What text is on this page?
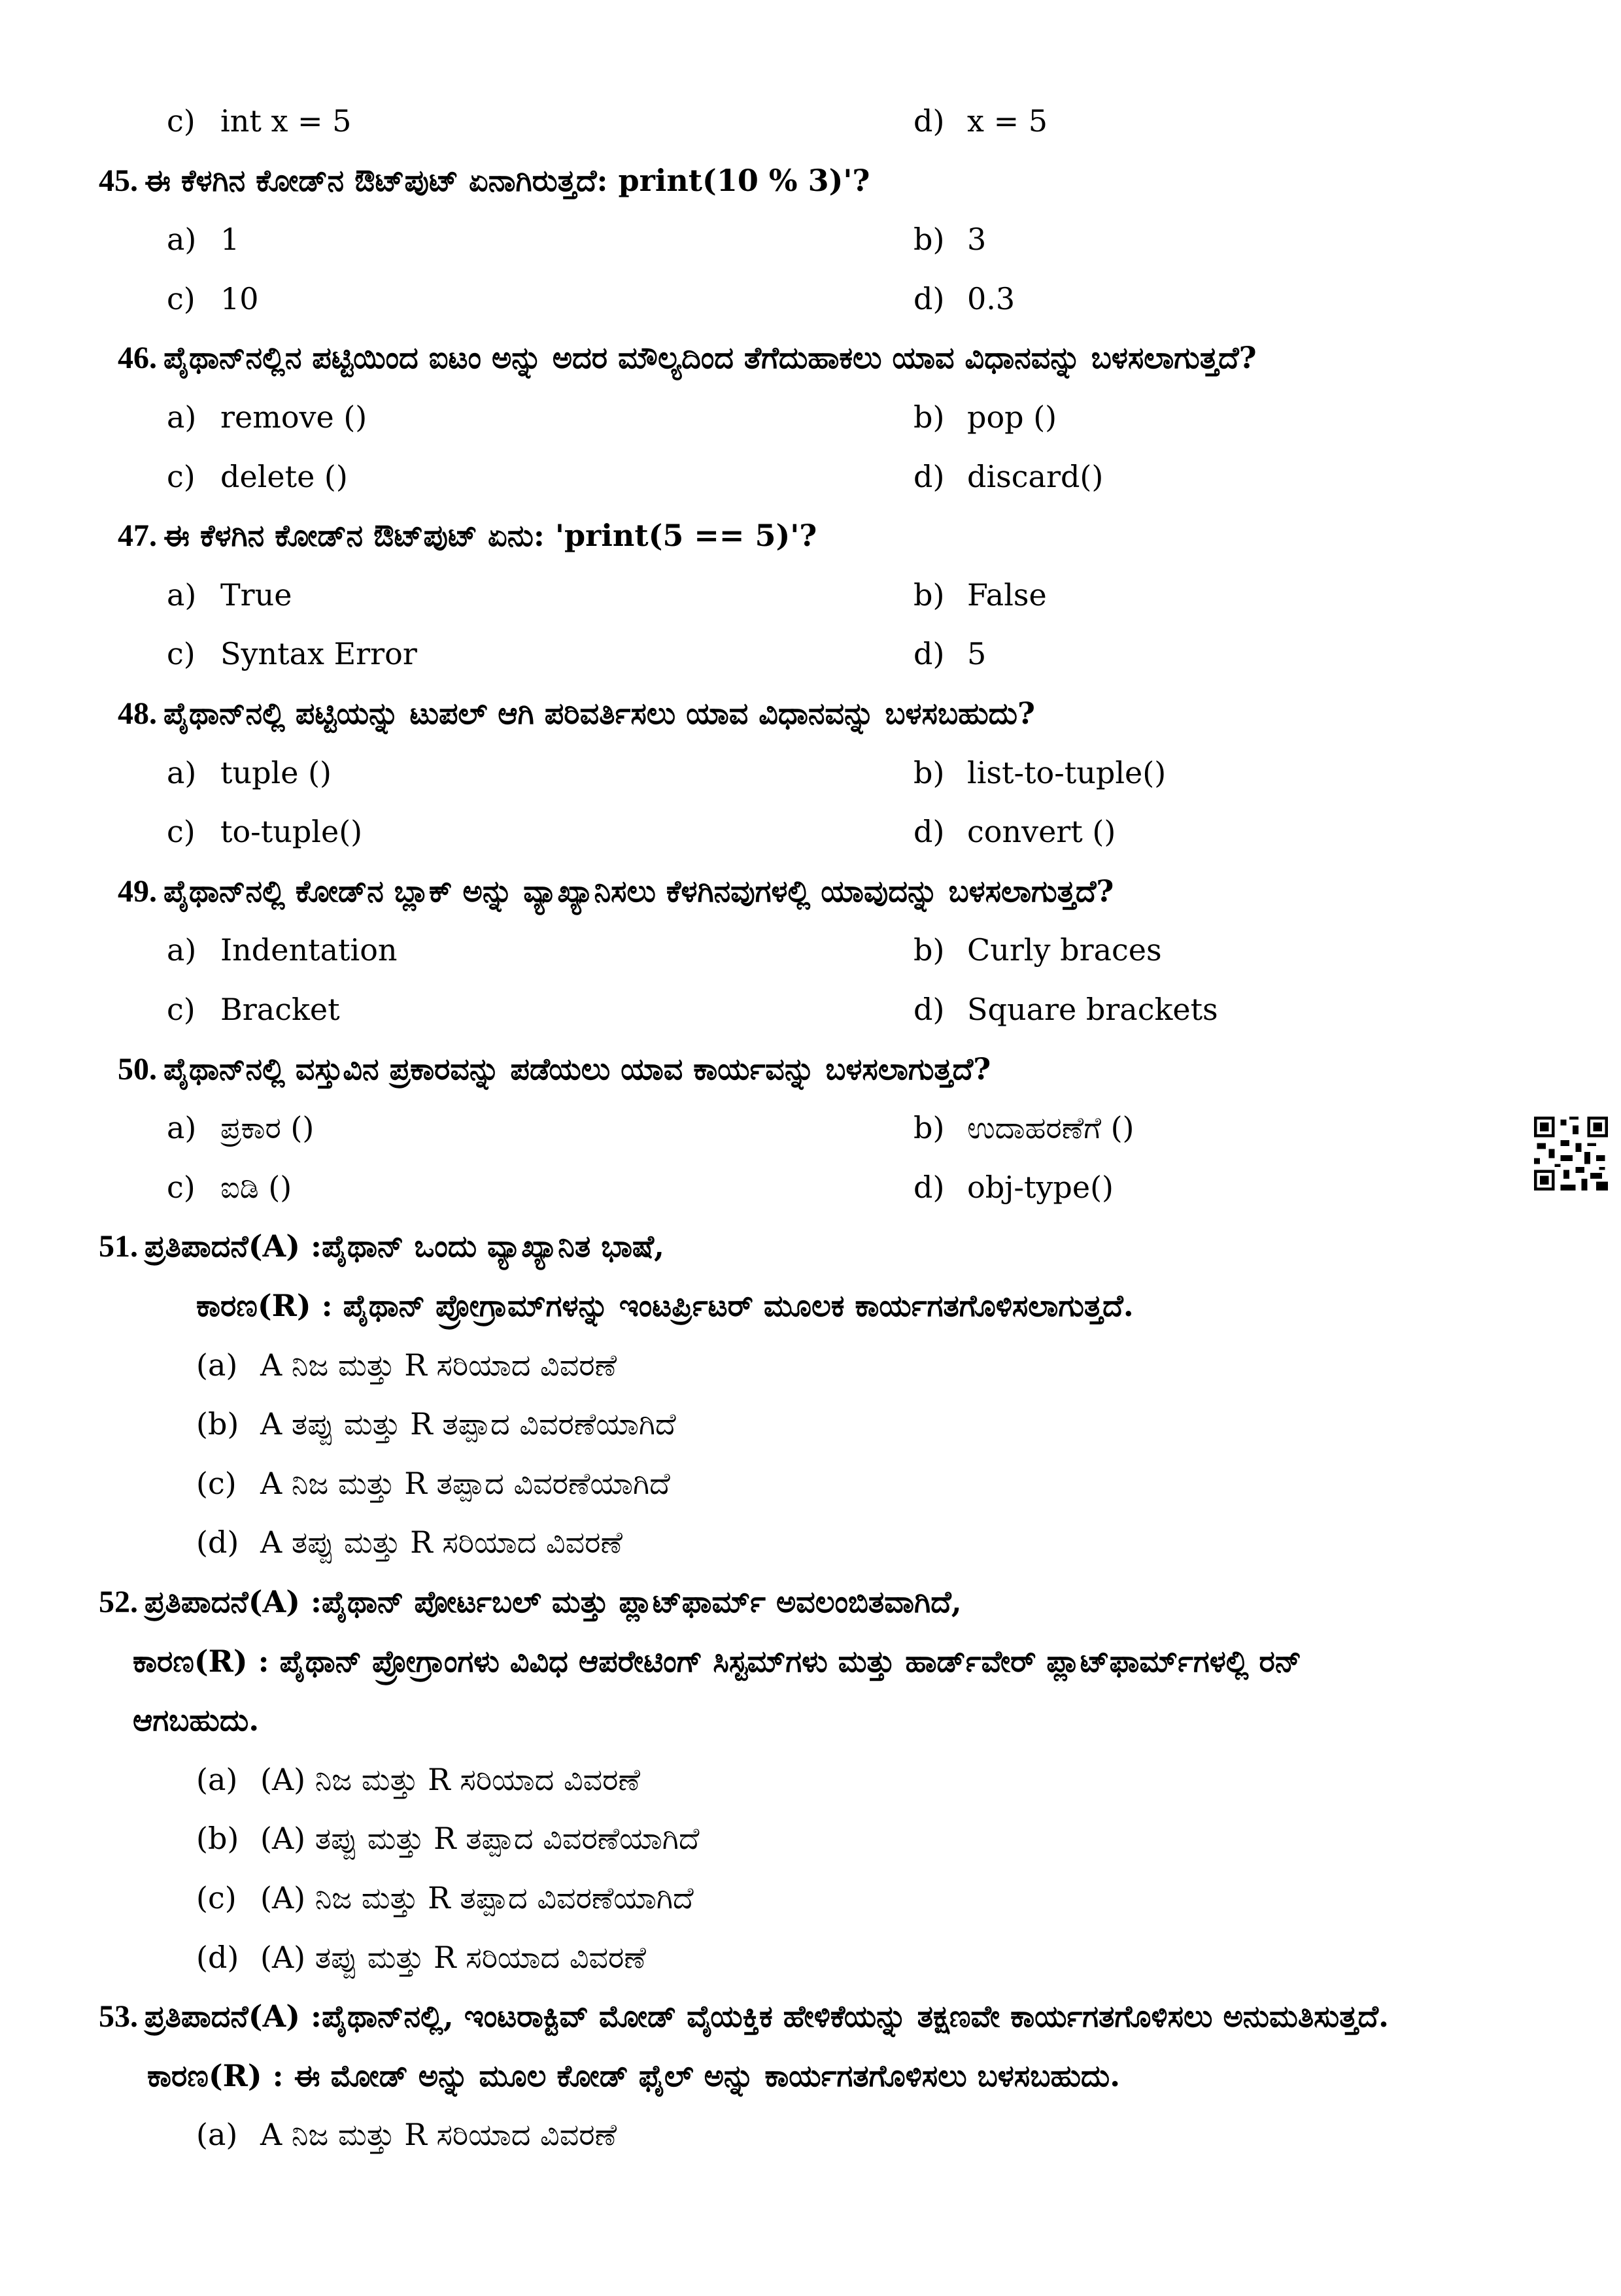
c) int x = 5	d) x = 5
45. ಈ ಕೆಳಗಿನ ಕೋಡ್‌ನ ಔಟ್‌ಪುಟ್ ಏನಾಗಿರುತ್ತದೆ: print(10 % 3)'?
a) 1	b) 3
c) 10	d) 0.3
46. ಪೈಥಾನ್‌ನಲ್ಲಿನ ಪಟ್ಟಿಯಿಂದ ಐಟಂ ಅನ್ನು ಅದರ ಮೌಲ್ಯದಿಂದ ತೆಗೆದುಹಾಕಲು ಯಾವ ವಿಧಾನವನ್ನು ಬಳಸಲಾಗುತ್ತದೆ?
a) remove ()	b) pop ()
c) delete ()	d) discard()
47. ಈ ಕೆಳಗಿನ ಕೋಡ್‌ನ ಔಟ್‌ಪುಟ್ ಏನು: 'print(5 == 5)'?
a) True	b) False
c) Syntax Error	d) 5
48. ಪೈಥಾನ್‌ನಲ್ಲಿ ಪಟ್ಟಿಯನ್ನು ಟುಪಲ್ ಆಗಿ ಪರಿವರ್ತಿಸಲು ಯಾವ ವಿಧಾನವನ್ನು ಬಳಸಬಹುದು?
a) tuple ()	b) list-to-tuple()
c) to-tuple()	d) convert ()
49. ಪೈಥಾನ್‌ನಲ್ಲಿ ಕೋಡ್‌ನ ಬ್ಲಾಕ್ ಅನ್ನು ವ್ಯಾಖ್ಯಾನಿಸಲು ಕೆಳಗಿನವುಗಳಲ್ಲಿ ಯಾವುದನ್ನು ಬಳಸಲಾಗುತ್ತದೆ?
a) Indentation	b) Curly braces
c) Bracket	d) Square brackets
50. ಪೈಥಾನ್‌ನಲ್ಲಿ ವಸ್ತುವಿನ ಪ್ರಕಾರವನ್ನು ಪಡೆಯಲು ಯಾವ ಕಾರ್ಯವನ್ನು ಬಳಸಲಾಗುತ್ತದೆ?
a) ಪ್ರಕಾರ ()	b) ಉದಾಹರಣೆಗೆ ()
c) ಐಡಿ ()	d) obj-type()
51. ಪ್ರತಿಪಾದನೆ(A) :ಪೈಥಾನ್ ಒಂದು ವ್ಯಾಖ್ಯಾನಿತ ಭಾಷೆ,
ಕಾರಣ(R) : ಪೈಥಾನ್ ಪ್ರೋಗ್ರಾಮ್‌ಗಳನ್ನು ಇಂಟರ್ಪ್ರಿಟರ್ ಮೂಲಕ ಕಾರ್ಯಗತಗೊಳಿಸಲಾಗುತ್ತದೆ.
(a) A ನಿಜ ಮತ್ತು R ಸರಿಯಾದ ವಿವರಣೆ
(b) A ತಪ್ಪು ಮತ್ತು R ತಪ್ಪಾದ ವಿವರಣೆಯಾಗಿದೆ
(c) A ನಿಜ ಮತ್ತು R ತಪ್ಪಾದ ವಿವರಣೆಯಾಗಿದೆ
(d) A ತಪ್ಪು ಮತ್ತು R ಸರಿಯಾದ ವಿವರಣೆ
52. ಪ್ರತಿಪಾದನೆ(A) :ಪೈಥಾನ್ ಪೋರ್ಟಬಲ್ ಮತ್ತು ಪ್ಲಾಟ್‌ಫಾರ್ಮ್ ಅವಲಂಬಿತವಾಗಿದೆ,
ಕಾರಣ(R) : ಪೈಥಾನ್ ಪ್ರೋಗ್ರಾಂಗಳು ವಿವಿಧ ಆಪರೇಟಿಂಗ್ ಸಿಸ್ಟಮ್‌ಗಳು ಮತ್ತು ಹಾರ್ಡ್‌ವೇರ್ ಪ್ಲಾಟ್‌ಫಾರ್ಮ್‌ಗಳಲ್ಲಿ ರನ್
ಆಗಬಹುದು.
(a) (A) ನಿಜ ಮತ್ತು R ಸರಿಯಾದ ವಿವರಣೆ
(b) (A) ತಪ್ಪು ಮತ್ತು R ತಪ್ಪಾದ ವಿವರಣೆಯಾಗಿದೆ
(c) (A) ನಿಜ ಮತ್ತು R ತಪ್ಪಾದ ವಿವರಣೆಯಾಗಿದೆ
(d) (A) ತಪ್ಪು ಮತ್ತು R ಸರಿಯಾದ ವಿವರಣೆ
53. ಪ್ರತಿಪಾದನೆ(A) :ಪೈಥಾನ್‌ನಲ್ಲಿ, ಇಂಟರಾಕ್ಟಿವ್ ಮೋಡ್ ವೈಯಕ್ತಿಕ ಹೇಳಿಕೆಯನ್ನು ತಕ್ಷಣವೇ ಕಾರ್ಯಗತಗೊಳಿಸಲು ಅನುಮತಿಸುತ್ತದೆ.
ಕಾರಣ(R) : ಈ ಮೋಡ್ ಅನ್ನು ಮೂಲ ಕೋಡ್ ಫೈಲ್ ಅನ್ನು ಕಾರ್ಯಗತಗೊಳಿಸಲು ಬಳಸಬಹುದು.
(a) A ನಿಜ ಮತ್ತು R ಸರಿಯಾದ ವಿವರಣೆ
